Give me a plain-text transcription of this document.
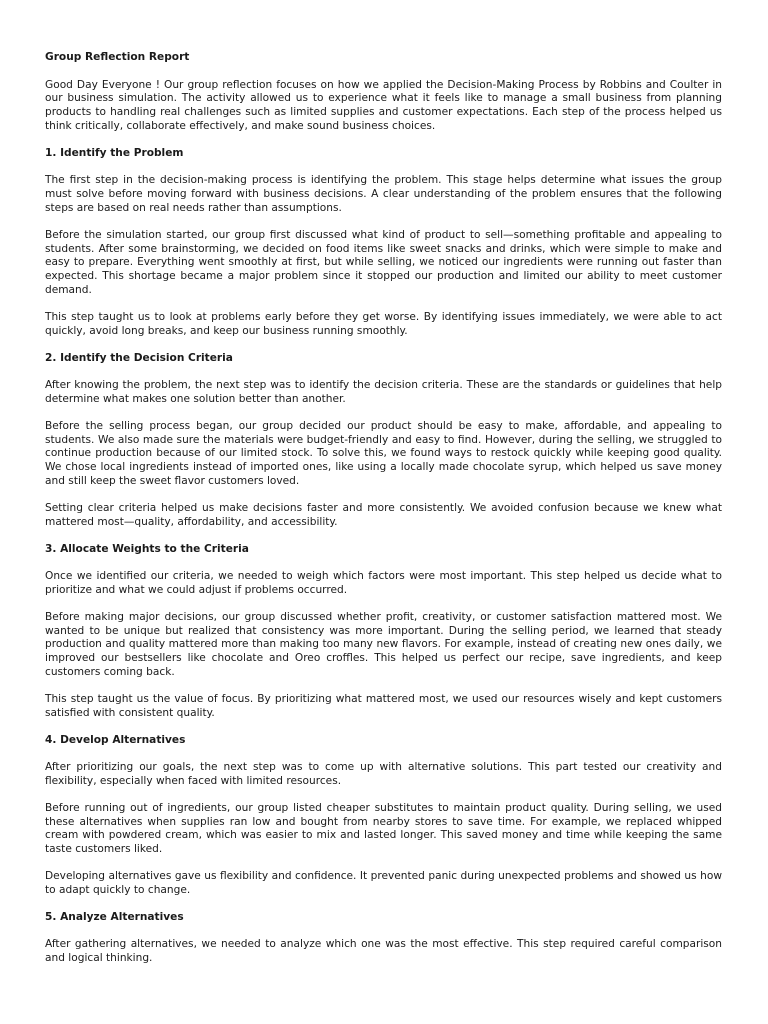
Group Reflection Report

Good Day Everyone ! Our group reflection focuses on how we applied the Decision-Making Process by Robbins and Coulter in our business simulation. The activity allowed us to experience what it feels like to manage a small business from planning products to handling real challenges such as limited supplies and customer expectations. Each step of the process helped us think critically, collaborate effectively, and make sound business choices.

1. Identify the Problem

The first step in the decision-making process is identifying the problem. This stage helps determine what issues the group must solve before moving forward with business decisions. A clear understanding of the problem ensures that the following steps are based on real needs rather than assumptions.

Before the simulation started, our group first discussed what kind of product to sell—something profitable and appealing to students. After some brainstorming, we decided on food items like sweet snacks and drinks, which were simple to make and easy to prepare. Everything went smoothly at first, but while selling, we noticed our ingredients were running out faster than expected. This shortage became a major problem since it stopped our production and limited our ability to meet customer demand.

This step taught us to look at problems early before they get worse. By identifying issues immediately, we were able to act quickly, avoid long breaks, and keep our business running smoothly.

2. Identify the Decision Criteria

After knowing the problem, the next step was to identify the decision criteria. These are the standards or guidelines that help determine what makes one solution better than another.

Before the selling process began, our group decided our product should be easy to make, affordable, and appealing to students. We also made sure the materials were budget-friendly and easy to find. However, during the selling, we struggled to continue production because of our limited stock. To solve this, we found ways to restock quickly while keeping good quality. We chose local ingredients instead of imported ones, like using a locally made chocolate syrup, which helped us save money and still keep the sweet flavor customers loved.

Setting clear criteria helped us make decisions faster and more consistently. We avoided confusion because we knew what mattered most—quality, affordability, and accessibility.

3. Allocate Weights to the Criteria

Once we identified our criteria, we needed to weigh which factors were most important. This step helped us decide what to prioritize and what we could adjust if problems occurred.

Before making major decisions, our group discussed whether profit, creativity, or customer satisfaction mattered most. We wanted to be unique but realized that consistency was more important. During the selling period, we learned that steady production and quality mattered more than making too many new flavors. For example, instead of creating new ones daily, we improved our bestsellers like chocolate and Oreo croffles. This helped us perfect our recipe, save ingredients, and keep customers coming back.

This step taught us the value of focus. By prioritizing what mattered most, we used our resources wisely and kept customers satisfied with consistent quality.

4. Develop Alternatives

After prioritizing our goals, the next step was to come up with alternative solutions. This part tested our creativity and flexibility, especially when faced with limited resources.

Before running out of ingredients, our group listed cheaper substitutes to maintain product quality. During selling, we used these alternatives when supplies ran low and bought from nearby stores to save time. For example, we replaced whipped cream with powdered cream, which was easier to mix and lasted longer. This saved money and time while keeping the same taste customers liked.

Developing alternatives gave us flexibility and confidence. It prevented panic during unexpected problems and showed us how to adapt quickly to change.

5. Analyze Alternatives

After gathering alternatives, we needed to analyze which one was the most effective. This step required careful comparison and logical thinking.
